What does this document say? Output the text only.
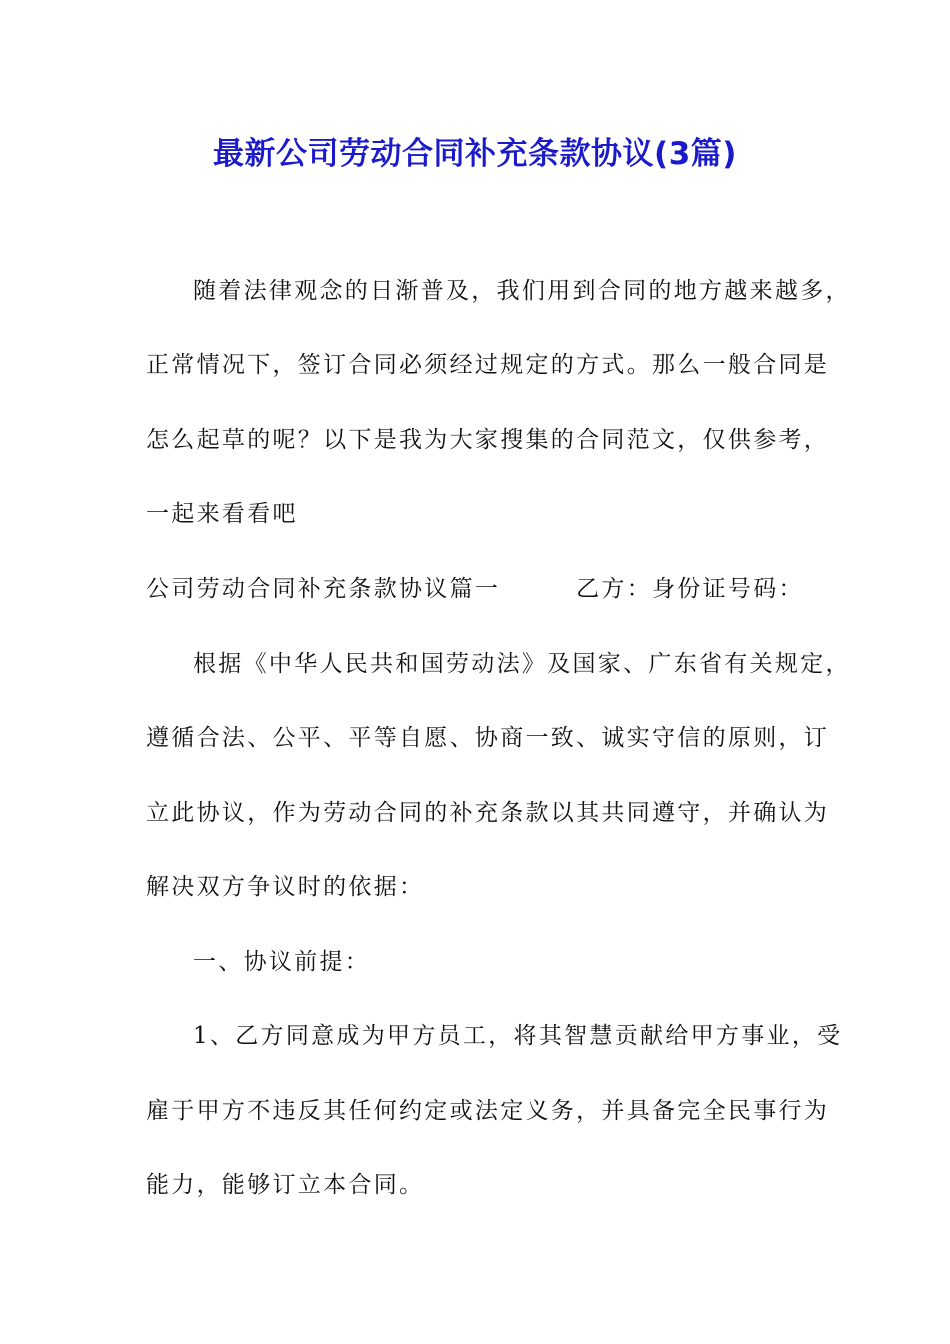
最新公司劳动合同补充条款协议(3篇)
随着法律观念的日渐普及，我们用到合同的地方越来越多，
正常情况下，签订合同必须经过规定的方式。那么一般合同是
怎么起草的呢？以下是我为大家搜集的合同范文，仅供参考，
一起来看看吧
公司劳动合同补充条款协议篇一　　　乙方：身份证号码：
根据《中华人民共和国劳动法》及国家、广东省有关规定，
遵循合法、公平、平等自愿、协商一致、诚实守信的原则，订
立此协议，作为劳动合同的补充条款以其共同遵守，并确认为
解决双方争议时的依据：
一、协议前提：
1、乙方同意成为甲方员工，将其智慧贡献给甲方事业，受
雇于甲方不违反其任何约定或法定义务，并具备完全民事行为
能力，能够订立本合同。
